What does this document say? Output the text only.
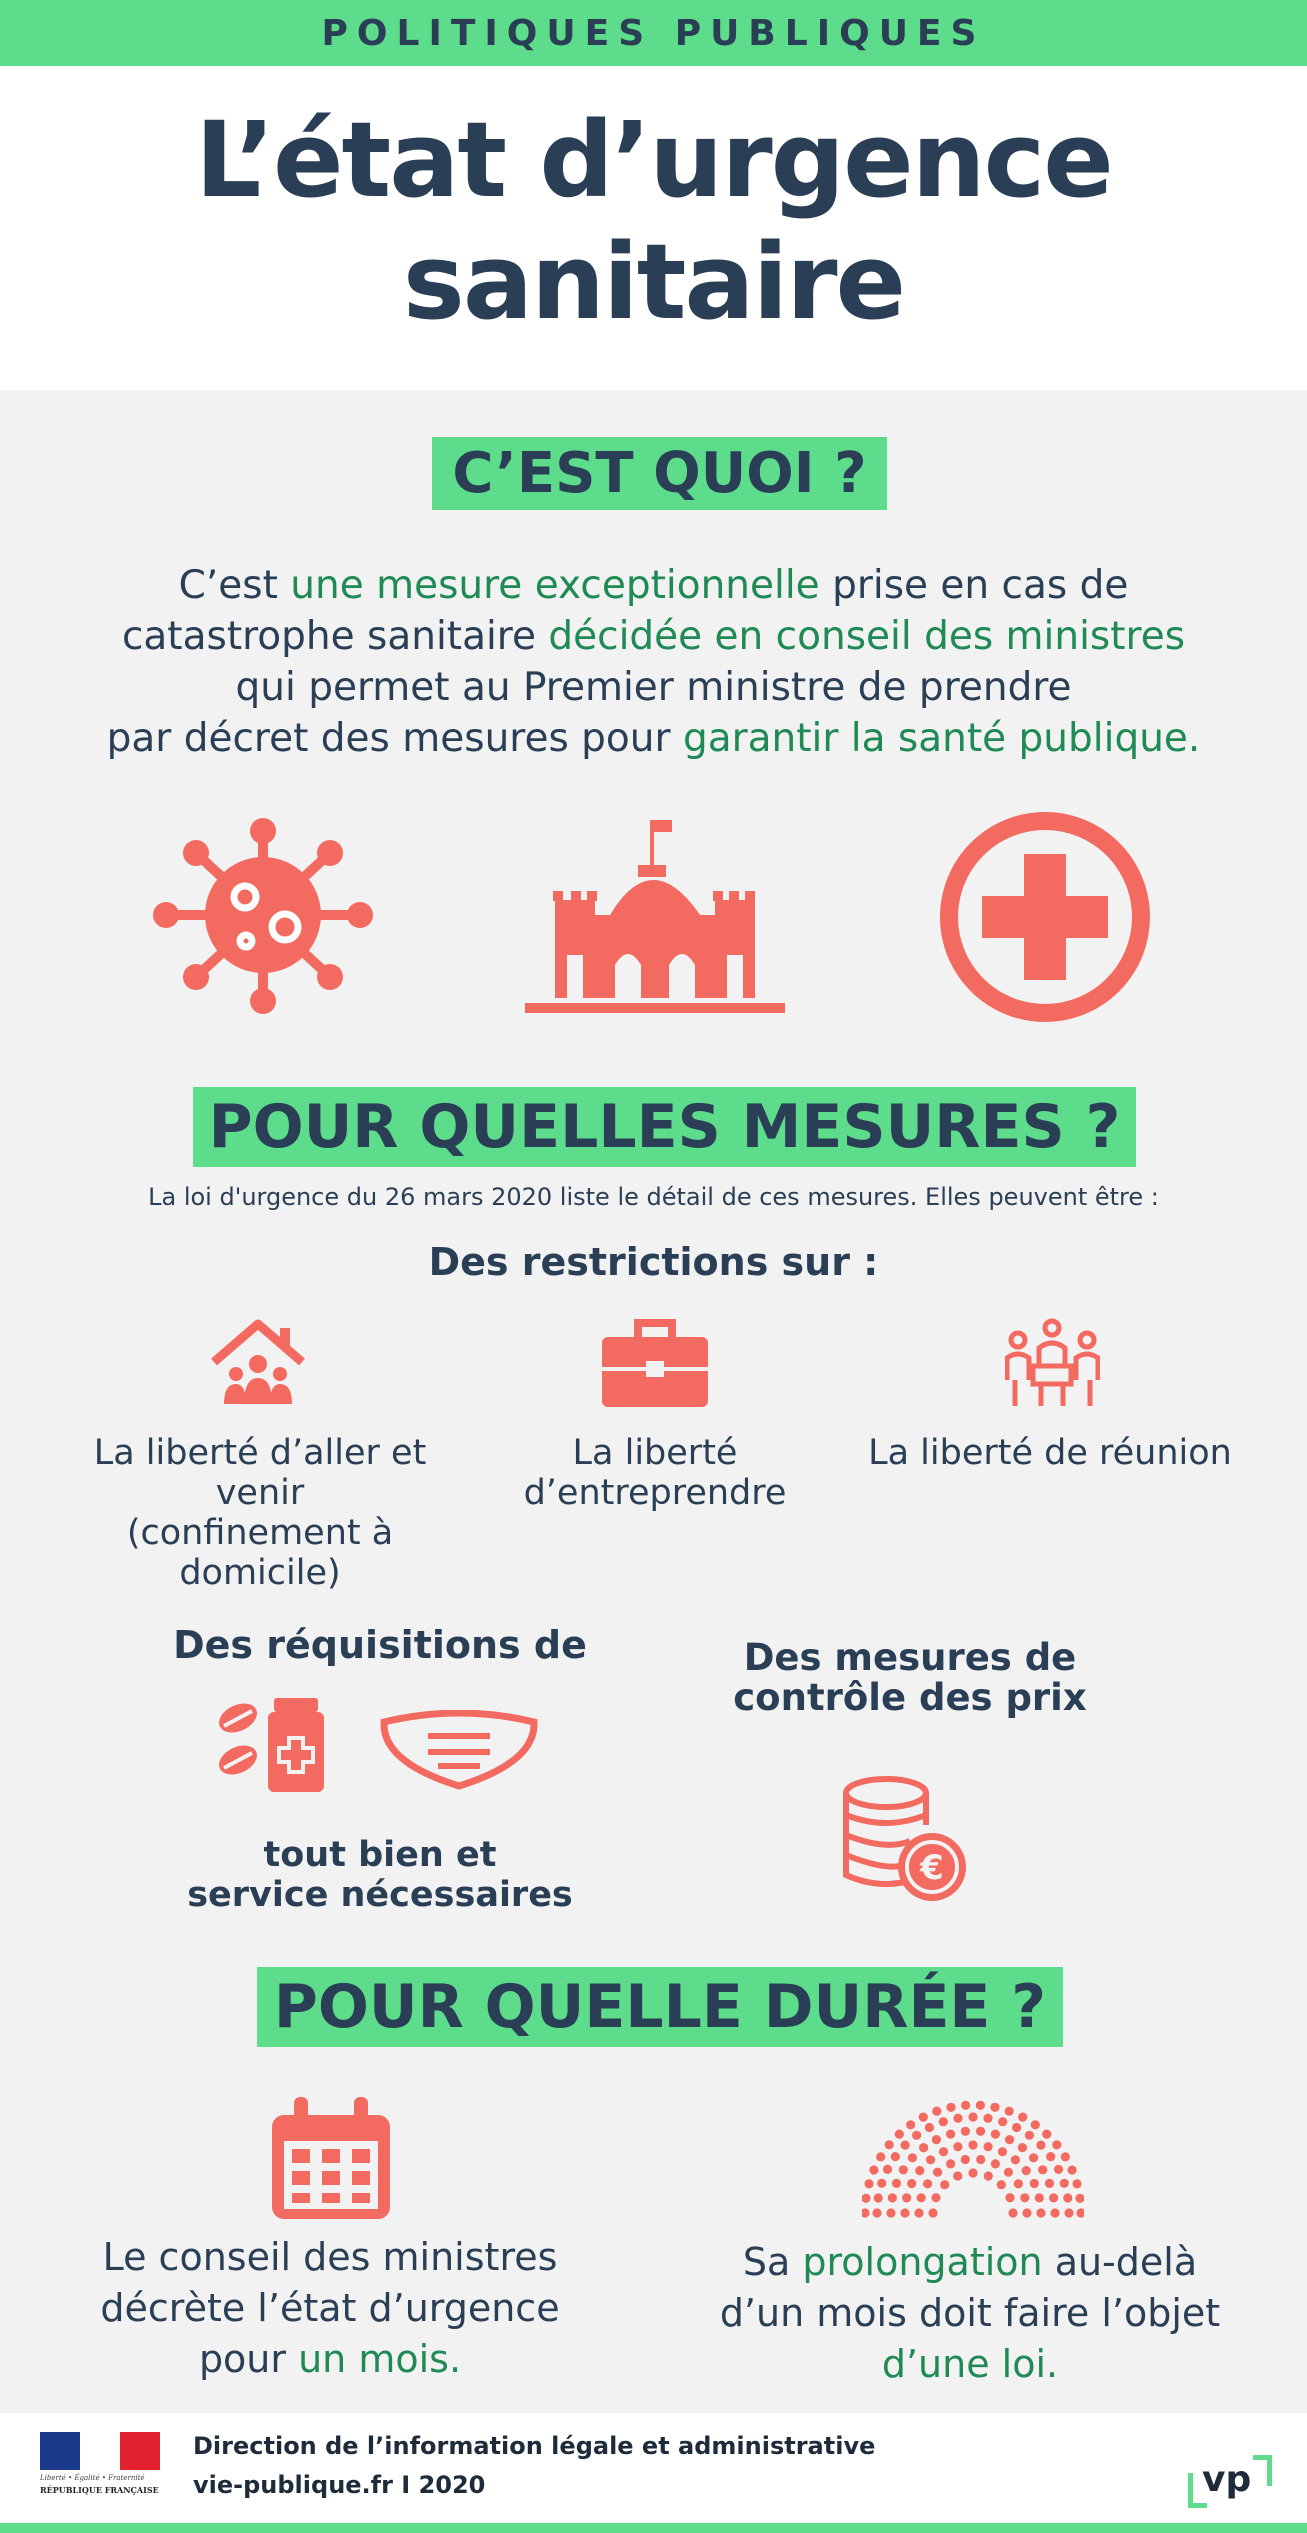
POLITIQUES PUBLIQUES
L’état d’urgence
sanitaire
C’EST QUOI ?
C’est une mesure exceptionnelle prise en cas de
catastrophe sanitaire décidée en conseil des ministres
qui permet au Premier ministre de prendre
par décret des mesures pour garantir la santé publique.
POUR QUELLES MESURES ?
La loi d'urgence du 26 mars 2020 liste le détail de ces mesures. Elles peuvent être :
Des restrictions sur :
La liberté d’aller et
venir
(confinement à
domicile)
La liberté
d’entreprendre
La liberté de réunion
Des réquisitions de
tout bien et
service nécessaires
Des mesures de
contrôle des prix
€
POUR QUELLE DURÉE ?
Le conseil des ministres
décrète l’état d’urgence
pour un mois.
Sa prolongation au-delà
d’un mois doit faire l’objet
d’une loi.
Liberté • Égalité • Fraternité
RÉPUBLIQUE FRANÇAISE
Direction de l’information légale et administrative
vie-publique.fr I 2020	vp
